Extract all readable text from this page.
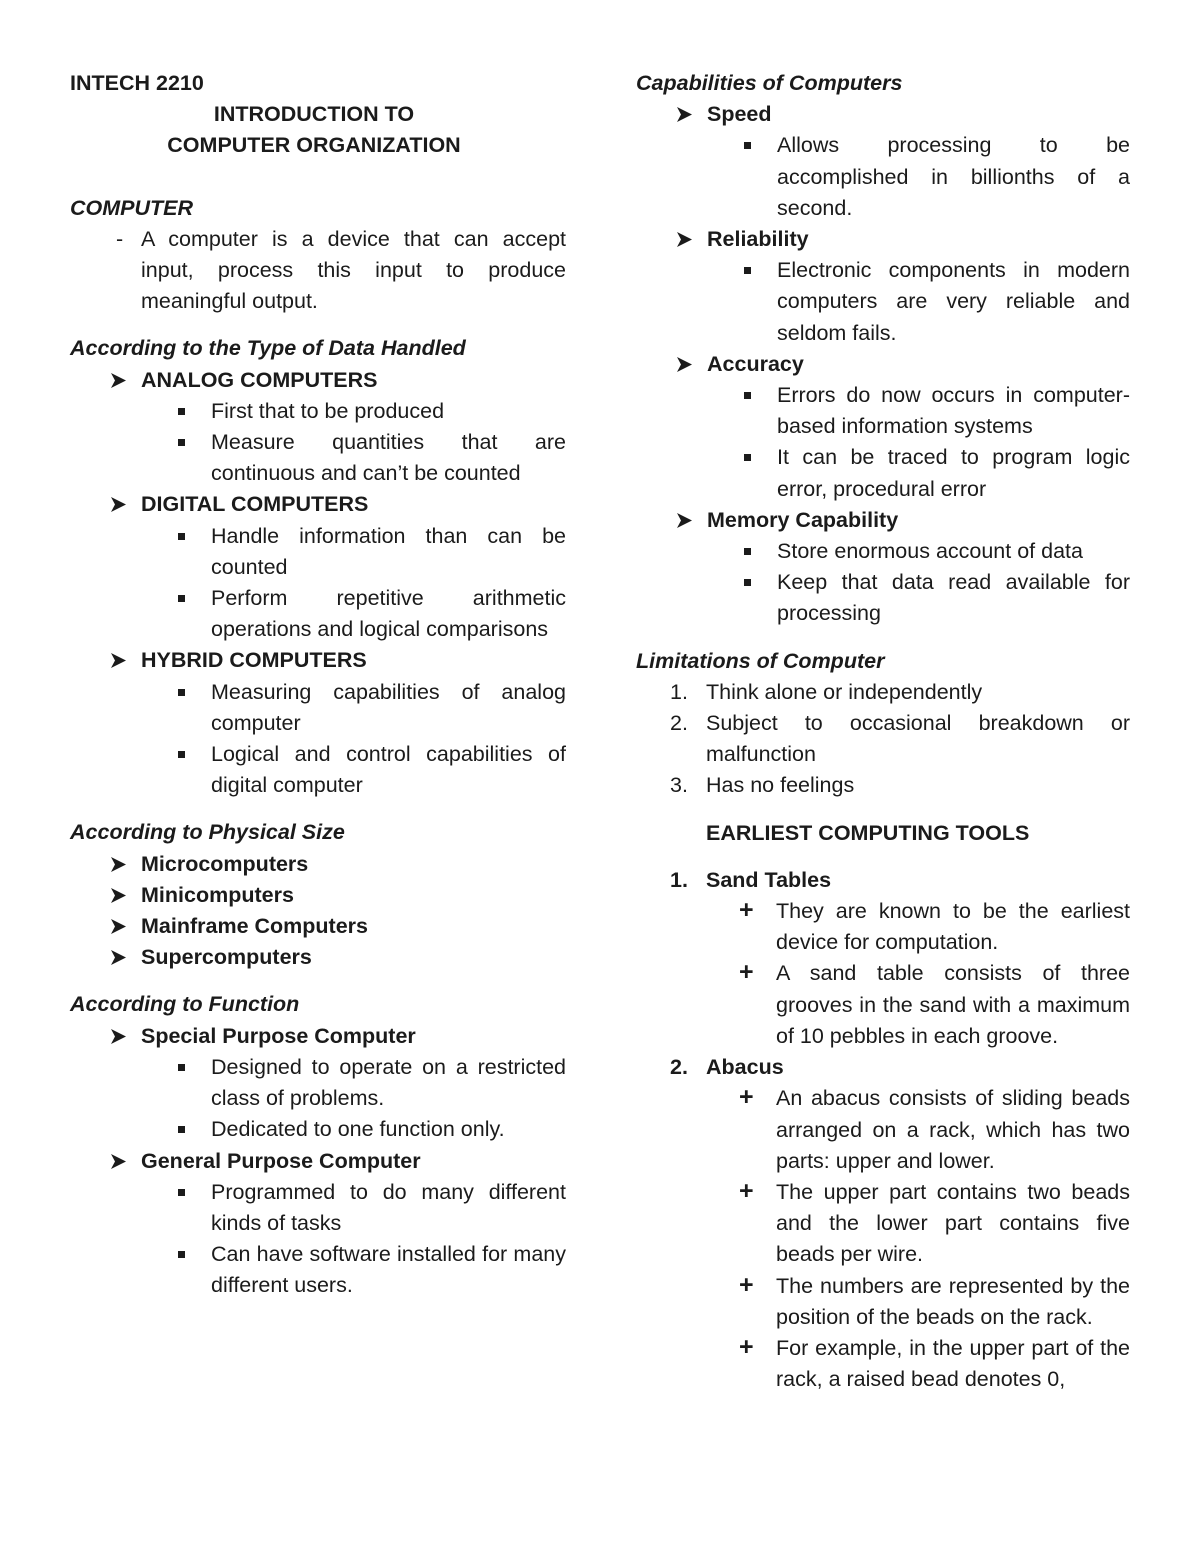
INTECH 2210
INTRODUCTION TO
COMPUTER ORGANIZATION
COMPUTER
- A computer is a device that can accept input, process this input to produce meaningful output.
According to the Type of Data Handled
ANALOG COMPUTERS
First that to be produced
Measure quantities that are continuous and can’t be counted
DIGITAL COMPUTERS
Handle information than can be counted
Perform repetitive arithmetic operations and logical comparisons
HYBRID COMPUTERS
Measuring capabilities of analog computer
Logical and control capabilities of digital computer
According to Physical Size
Microcomputers
Minicomputers
Mainframe Computers
Supercomputers
According to Function
Special Purpose Computer
Designed to operate on a restricted class of problems.
Dedicated to one function only.
General Purpose Computer
Programmed to do many different kinds of tasks
Can have software installed for many different users.
Capabilities of Computers
Speed
Allows processing to be accomplished in billionths of a second.
Reliability
Electronic components in modern computers are very reliable and seldom fails.
Accuracy
Errors do now occurs in computer-based information systems
It can be traced to program logic error, procedural error
Memory Capability
Store enormous account of data
Keep that data read available for processing
Limitations of Computer
1. Think alone or independently
2. Subject to occasional breakdown or malfunction
3. Has no feelings
EARLIEST COMPUTING TOOLS
1. Sand Tables
+ They are known to be the earliest device for computation.
+ A sand table consists of three grooves in the sand with a maximum of 10 pebbles in each groove.
2. Abacus
+ An abacus consists of sliding beads arranged on a rack, which has two parts: upper and lower.
+ The upper part contains two beads and the lower part contains five beads per wire.
+ The numbers are represented by the position of the beads on the rack.
+ For example, in the upper part of the rack, a raised bead denotes 0,
